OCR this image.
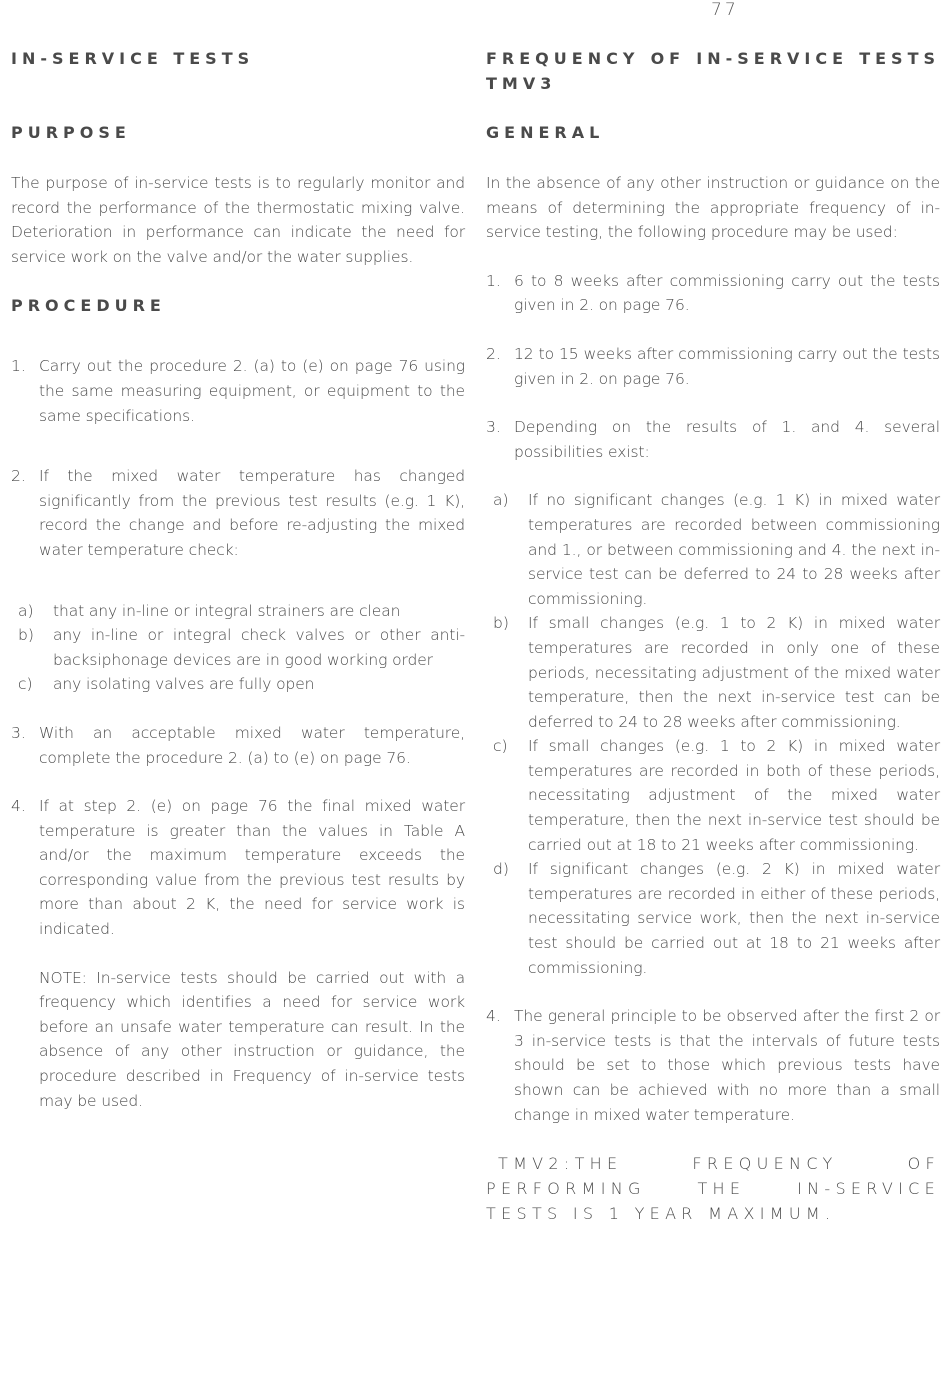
77
IN-SERVICE TESTS
PURPOSE

The purpose of in-service tests is to regularly monitor and record the performance of the thermostatic mixing valve. Deterioration in performance can indicate the need for service work on the valve and/or the water supplies.

PROCEDURE
1. Carry out the procedure 2. (a) to (e) on page 76 using the same measuring equipment, or equipment to the same specifications.

2. If the mixed water temperature has changed significantly from the previous test results (e.g. 1 K), record the change and before re-adjusting the mixed water temperature check:

a) that any in-line or integral strainers are clean

b) any in-line or integral check valves or other anti-backsiphonage devices are in good working order

c) any isolating valves are fully open

3. With an acceptable mixed water temperature, complete the procedure 2. (a) to (e) on page 76.

4. If at step 2. (e) on page 76 the final mixed water temperature is greater than the values in Table A and/or the maximum temperature exceeds the corresponding value from the previous test results by more than about 2 K, the need for service work is indicated.

NOTE: In-service tests should be carried out with a frequency which identifies a need for service work before an unsafe water temperature can result. In the absence of any other instruction or guidance, the procedure described in Frequency of in-service tests may be used.

FREQUENCY OF IN-SERVICE TESTS TMV3
GENERAL

In the absence of any other instruction or guidance on the means of determining the appropriate frequency of in-service testing, the following procedure may be used:

1. 6 to 8 weeks after commissioning carry out the tests given in 2. on page 76.

2. 12 to 15 weeks after commissioning carry out the tests given in 2. on page 76.

3. Depending on the results of 1. and 4. several possibilities exist:

a) If no significant changes (e.g. 1 K) in mixed water temperatures are recorded between commissioning and 1., or between commissioning and 4. the next in-service test can be deferred to 24 to 28 weeks after commissioning.

b) If small changes (e.g. 1 to 2 K) in mixed water temperatures are recorded in only one of these periods, necessitating adjustment of the mixed water temperature, then the next in-service test can be deferred to 24 to 28 weeks after commissioning.

c) If small changes (e.g. 1 to 2 K) in mixed water temperatures are recorded in both of these periods, necessitating adjustment of the mixed water temperature, then the next in-service test should be carried out at 18 to 21 weeks after commissioning.

d) If significant changes (e.g. 2 K) in mixed water temperatures are recorded in either of these periods, necessitating service work, then the next in-service test should be carried out at 18 to 21 weeks after commissioning.

4. The general principle to be observed after the first 2 or 3 in-service tests is that the intervals of future tests should be set to those which previous tests have shown can be achieved with no more than a small change in mixed water temperature.

TMV2:THE FREQUENCY OF PERFORMING THE IN-SERVICE TESTS IS 1 YEAR MAXIMUM.
